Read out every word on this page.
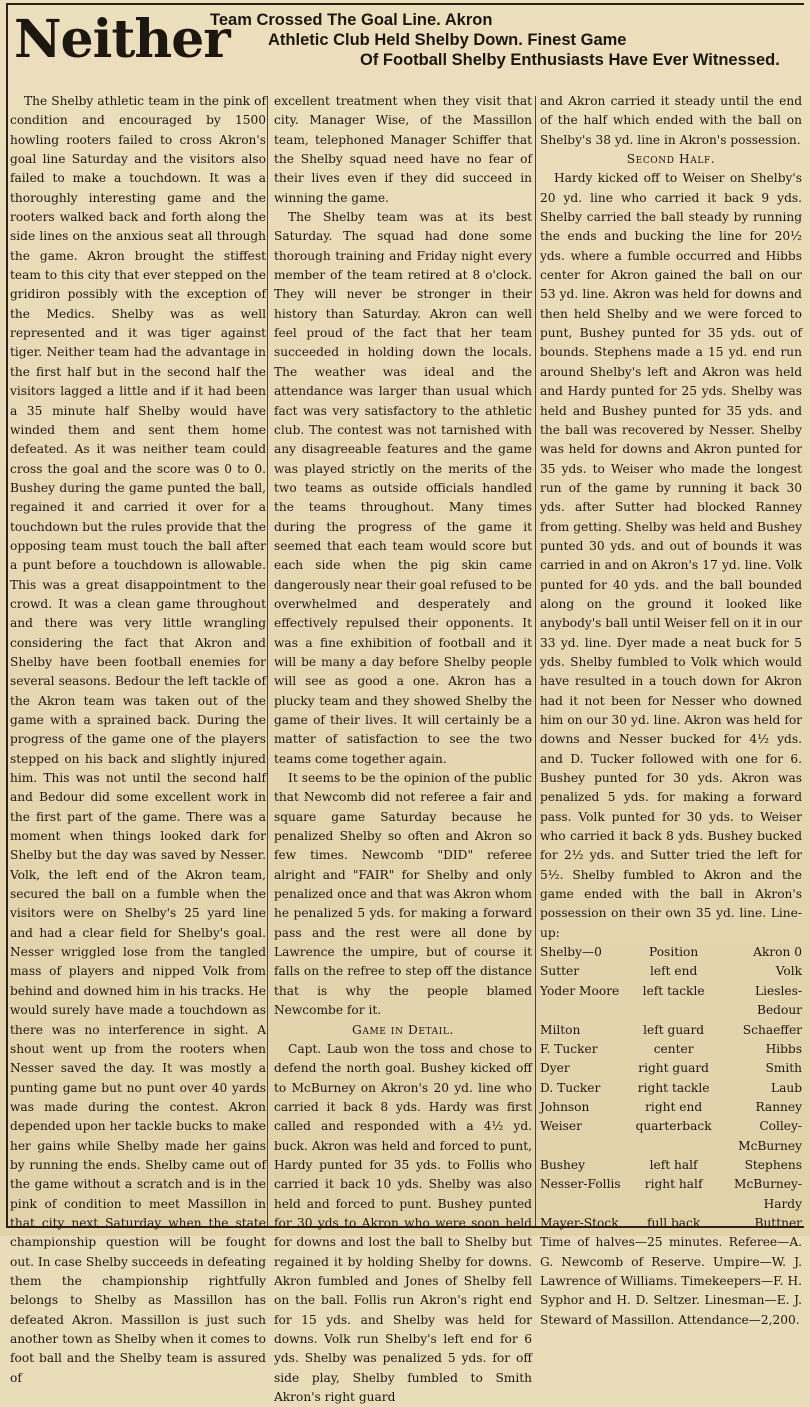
Neither
Team Crossed The Goal Line. Akron
Athletic Club Held Shelby Down. Finest Game
Of Football Shelby Enthusiasts Have Ever Witnessed.

The Shelby athletic team in the pink of condition and encouraged by 1500 howling rooters failed to cross Akron's goal line Saturday and the visitors also failed to make a touchdown. It was a thoroughly interesting game and the rooters walked back and forth along the side lines on the anxious seat all through the game. Akron brought the stiffest team to this city that ever stepped on the gridiron possibly with the exception of the Medics. Shelby was as well represented and it was tiger against tiger. Neither team had the advantage in the first half but in the second half the visitors lagged a little and if it had been a 35 minute half Shelby would have winded them and sent them home defeated. As it was neither team could cross the goal and the score was 0 to 0. Bushey during the game punted the ball, regained it and carried it over for a touchdown but the rules provide that the opposing team must touch the ball after a punt before a touchdown is allowable. This was a great disappointment to the crowd. It was a clean game throughout and there was very little wrangling considering the fact that Akron and Shelby have been football enemies for several seasons. Bedour the left tackle of the Akron team was taken out of the game with a sprained back. During the progress of the game one of the players stepped on his back and slightly injured him. This was not until the second half and Bedour did some excellent work in the first part of the game. There was a moment when things looked dark for Shelby but the day was saved by Nesser. Volk, the left end of the Akron team, secured the ball on a fumble when the visitors were on Shelby's 25 yard line and had a clear field for Shelby's goal. Nesser wriggled lose from the tangled mass of players and nipped Volk from behind and downed him in his tracks. He would surely have made a touchdown as there was no interference in sight. A shout went up from the rooters when Nesser saved the day. It was mostly a punting game but no punt over 40 yards was made during the contest. Akron depended upon her tackle bucks to make her gains while Shelby made her gains by running the ends. Shelby came out of the game without a scratch and is in the pink of condition to meet Massillon in that city next Saturday when the state championship question will be fought out. In case Shelby succeeds in defeating them the championship rightfully belongs to Shelby as Massillon has defeated Akron. Massillon is just such another town as Shelby when it comes to foot ball and the Shelby team is assured of

excellent treatment when they visit that city. Manager Wise, of the Massillon team, telephoned Manager Schiffer that the Shelby squad need have no fear of their lives even if they did succeed in winning the game.

The Shelby team was at its best Saturday. The squad had done some thorough training and Friday night every member of the team retired at 8 o'clock. They will never be stronger in their history than Saturday. Akron can well feel proud of the fact that her team succeeded in holding down the locals. The weather was ideal and the attendance was larger than usual which fact was very satisfactory to the athletic club. The contest was not tarnished with any disagreeable features and the game was played strictly on the merits of the two teams as outside officials handled the teams throughout. Many times during the progress of the game it seemed that each team would score but each side when the pig skin came dangerously near their goal refused to be overwhelmed and desperately and effectively repulsed their opponents. It was a fine exhibition of football and it will be many a day before Shelby people will see as good a one. Akron has a plucky team and they showed Shelby the game of their lives. It will certainly be a matter of satisfaction to see the two teams come together again.

It seems to be the opinion of the public that Newcomb did not referee a fair and square game Saturday because he penalized Shelby so often and Akron so few times. Newcomb "DID" referee alright and "FAIR" for Shelby and only penalized once and that was Akron whom he penalized 5 yds. for making a forward pass and the rest were all done by Lawrence the umpire, but of course it falls on the refree to step off the distance that is why the people blamed Newcombe for it.

Game in Detail.

Capt. Laub won the toss and chose to defend the north goal. Bushey kicked off to McBurney on Akron's 20 yd. line who carried it back 8 yds. Hardy was first called and responded with a 4½ yd. buck. Akron was held and forced to punt, Hardy punted for 35 yds. to Follis who carried it back 10 yds. Shelby was also held and forced to punt. Bushey punted for 30 yds to Akron who were soon held for downs and lost the ball to Shelby but regained it by holding Shelby for downs. Akron fumbled and Jones of Shelby fell on the ball. Follis run Akron's right end for 15 yds. and Shelby was held for downs. Volk run Shelby's left end for 6 yds. Shelby was penalized 5 yds. for off side play, Shelby fumbled to Smith Akron's right guard

and Akron carried it steady until the end of the half which ended with the ball on Shelby's 38 yd. line in Akron's possession.

Second Half.

Hardy kicked off to Weiser on Shelby's 20 yd. line who carried it back 9 yds. Shelby carried the ball steady by running the ends and bucking the line for 20½ yds. where a fumble occurred and Hibbs center for Akron gained the ball on our 53 yd. line. Akron was held for downs and then held Shelby and we were forced to punt, Bushey punted for 35 yds. out of bounds. Stephens made a 15 yd. end run around Shelby's left and Akron was held and Hardy punted for 25 yds. Shelby was held and Bushey punted for 35 yds. and the ball was recovered by Nesser. Shelby was held for downs and Akron punted for 35 yds. to Weiser who made the longest run of the game by running it back 30 yds. after Sutter had blocked Ranney from getting. Shelby was held and Bushey punted 30 yds. and out of bounds it was carried in and on Akron's 17 yd. line. Volk punted for 40 yds. and the ball bounded along on the ground it looked like anybody's ball until Weiser fell on it in our 33 yd. line. Dyer made a neat buck for 5 yds. Shelby fumbled to Volk which would have resulted in a touch down for Akron had it not been for Nesser who downed him on our 30 yd. line. Akron was held for downs and Nesser bucked for 4½ yds. and D. Tucker followed with one for 6. Bushey punted for 30 yds. Akron was penalized 5 yds. for making a forward pass. Volk punted for 30 yds. to Weiser who carried it back 8 yds. Bushey bucked for 2½ yds. and Sutter tried the left for 5½. Shelby fumbled to Akron and the game ended with the ball in Akron's possession on their own 35 yd. line. Line-up:

Shelby—0	Position	Akron 0
Sutter	left end	Volk
Yoder Moore	left tackle	Liesles-Bedour
Milton	left guard	Schaeffer
F. Tucker	center	Hibbs
Dyer	right guard	Smith
D. Tucker	right tackle	Laub
Johnson	right end	Ranney
Weiser	quarterback	Colley-McBurney
Bushey	left half	Stephens
Nesser-Follis	right half	McBurney-Hardy
Mayer-Stock	full back	Buttner

Time of halves—25 minutes. Referee—A. G. Newcomb of Reserve. Umpire—W. J. Lawrence of Williams. Timekeepers—F. H. Syphor and H. D. Seltzer. Linesman—E. J. Steward of Massillon. Attendance—2,200.
